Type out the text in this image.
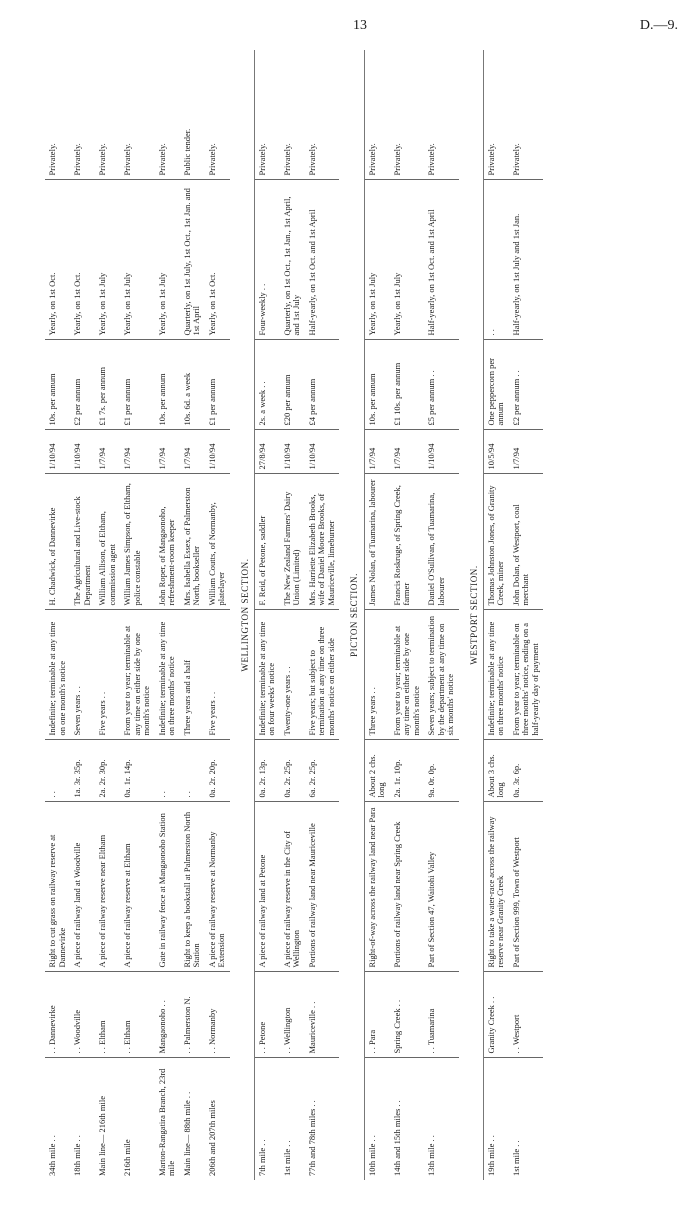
13	D.—9.
34th mile . .	. . Dannevirke	Right to cut grass on railway reserve at Dannevirke	. .	Indefinite; terminable at any time on one month's notice	H. Chadwick, of Dannevirke	1/10/94	10s. per annum	Yearly, on 1st Oct.	Privately.
18th mile . .	. . Woodville	A piece of railway land at Woodville	1a. 3r. 35p.	Seven years . .	The Agricultural and Live-stock Department	1/10/94	£2 per annum	Yearly, on 1st Oct.	Privately.
Main line— 216th mile	. . Eltham	A piece of railway reserve near Eltham	2a. 2r. 30p.	Five years . .	William Allison, of Eltham, commission agent	1/7/94	£1 7s. per annum	Yearly, on 1st July	Privately.
216th mile	. . Eltham	A piece of railway reserve at Eltham	0a. 1r. 14p.	From year to year; terminable at any time on either side by one month's notice	William James Simpson, of Eltham, police constable	1/7/94	£1 per annum	Yearly, on 1st July	Privately.
Marton-Rangatira Branch, 23rd mile	Mangaonoho . .	Gate in railway fence at Mangaonoho Station	. .	Indefinite; terminable at any time on three months' notice	John Roper, of Mangaonoho, refreshment-room keeper	1/7/94	10s. per annum	Yearly, on 1st July	Privately.
Main line— 88th mile . .	. . Palmerston N.	Right to keep a bookstall at Palmerston North Station	. .	Three years and a half	Mrs. Isabella Essex, of Palmerston North, bookseller	1/7/94	10s. 6d. a week	Quarterly, on 1st July, 1st Oct., 1st Jan. and 1st April	Public tender.
206th and 207th miles	. . Normanby	A piece of railway reserve at Normanby Extension	0a. 2r. 20p.	Five years . .	William Coutts, of Normanby, platelayer	1/10/94	£1 per annum	Yearly, on 1st Oct.	Privately.
WELLINGTON SECTION.									
7th mile . .	. . Petone	A piece of railway land at Petone	0a. 2r. 13p.	Indefinite; terminable at any time on four weeks' notice	F. Reid, of Petone, saddler	27/8/94	2s. a week . .	Four-weekly . .	Privately.
1st mile . .	. . Wellington	A piece of railway reserve in the City of Wellington	0a. 2r. 25p.	Twenty-one years . .	The New Zealand Farmers' Dairy Union (Limited)	1/10/94	£20 per annum	Quarterly, on 1st Oct., 1st Jan., 1st April, and 1st July	Privately.
77th and 78th miles . .	Mauriceville . .	Portions of railway land near Mauriceville	6a. 2r. 25p.	Five years; but subject to termination at any time on three months' notice on either side	Mrs. Harriette Elizabeth Brooks, wife of Daniel Moore Brooks, of Mauriceville, limeburner	1/10/94	£4 per annum	Half-yearly, on 1st Oct. and 1st April	Privately.
PICTON SECTION.									
10th mile . .	. . Para	Right-of-way across the railway land near Para	About 2 chs. long	Three years . .	James Nolan, of Tuamarina, labourer	1/7/94	10s. per annum	Yearly, on 1st July	Privately.
14th and 15th miles . .	Spring Creek . .	Portions of railway land near Spring Creek	2a. 1r. 10p.	From year to year; terminable at any time on either side by one month's notice	Francis Roskruge, of Spring Creek, farmer	1/7/94	£1 10s. per annum	Yearly, on 1st July	Privately.
13th mile . .	. . Tuamarina	Part of Section 47, Waitohi Valley	9a. 0r. 0p.	Seven years; subject to termination by the department at any time on six months' notice	Daniel O'Sullivan, of Tuamarina, labourer	1/10/94	£5 per annum . .	Half-yearly, on 1st Oct. and 1st April	Privately.
WESTPORT SECTION.									
19th mile . .	Granity Creek . .	Right to take a water-race across the railway reserve near Granity Creek	About 3 chs. long	Indefinite; terminable at any time on three months' notice	Thomas Johnston Jones, of Granity Creek, miner	10/5/94	One peppercorn per annum	. .	Privately.
1st mile . .	. . Westport	Part of Section 999, Town of Westport	0a. 3r. 6p.	From year to year; terminable on three months' notice, ending on a half-yearly day of payment	John Dolan, of Westport, coal merchant	1/7/94	£2 per annum . .	Half-yearly, on 1st July and 1st Jan.	Privately.
